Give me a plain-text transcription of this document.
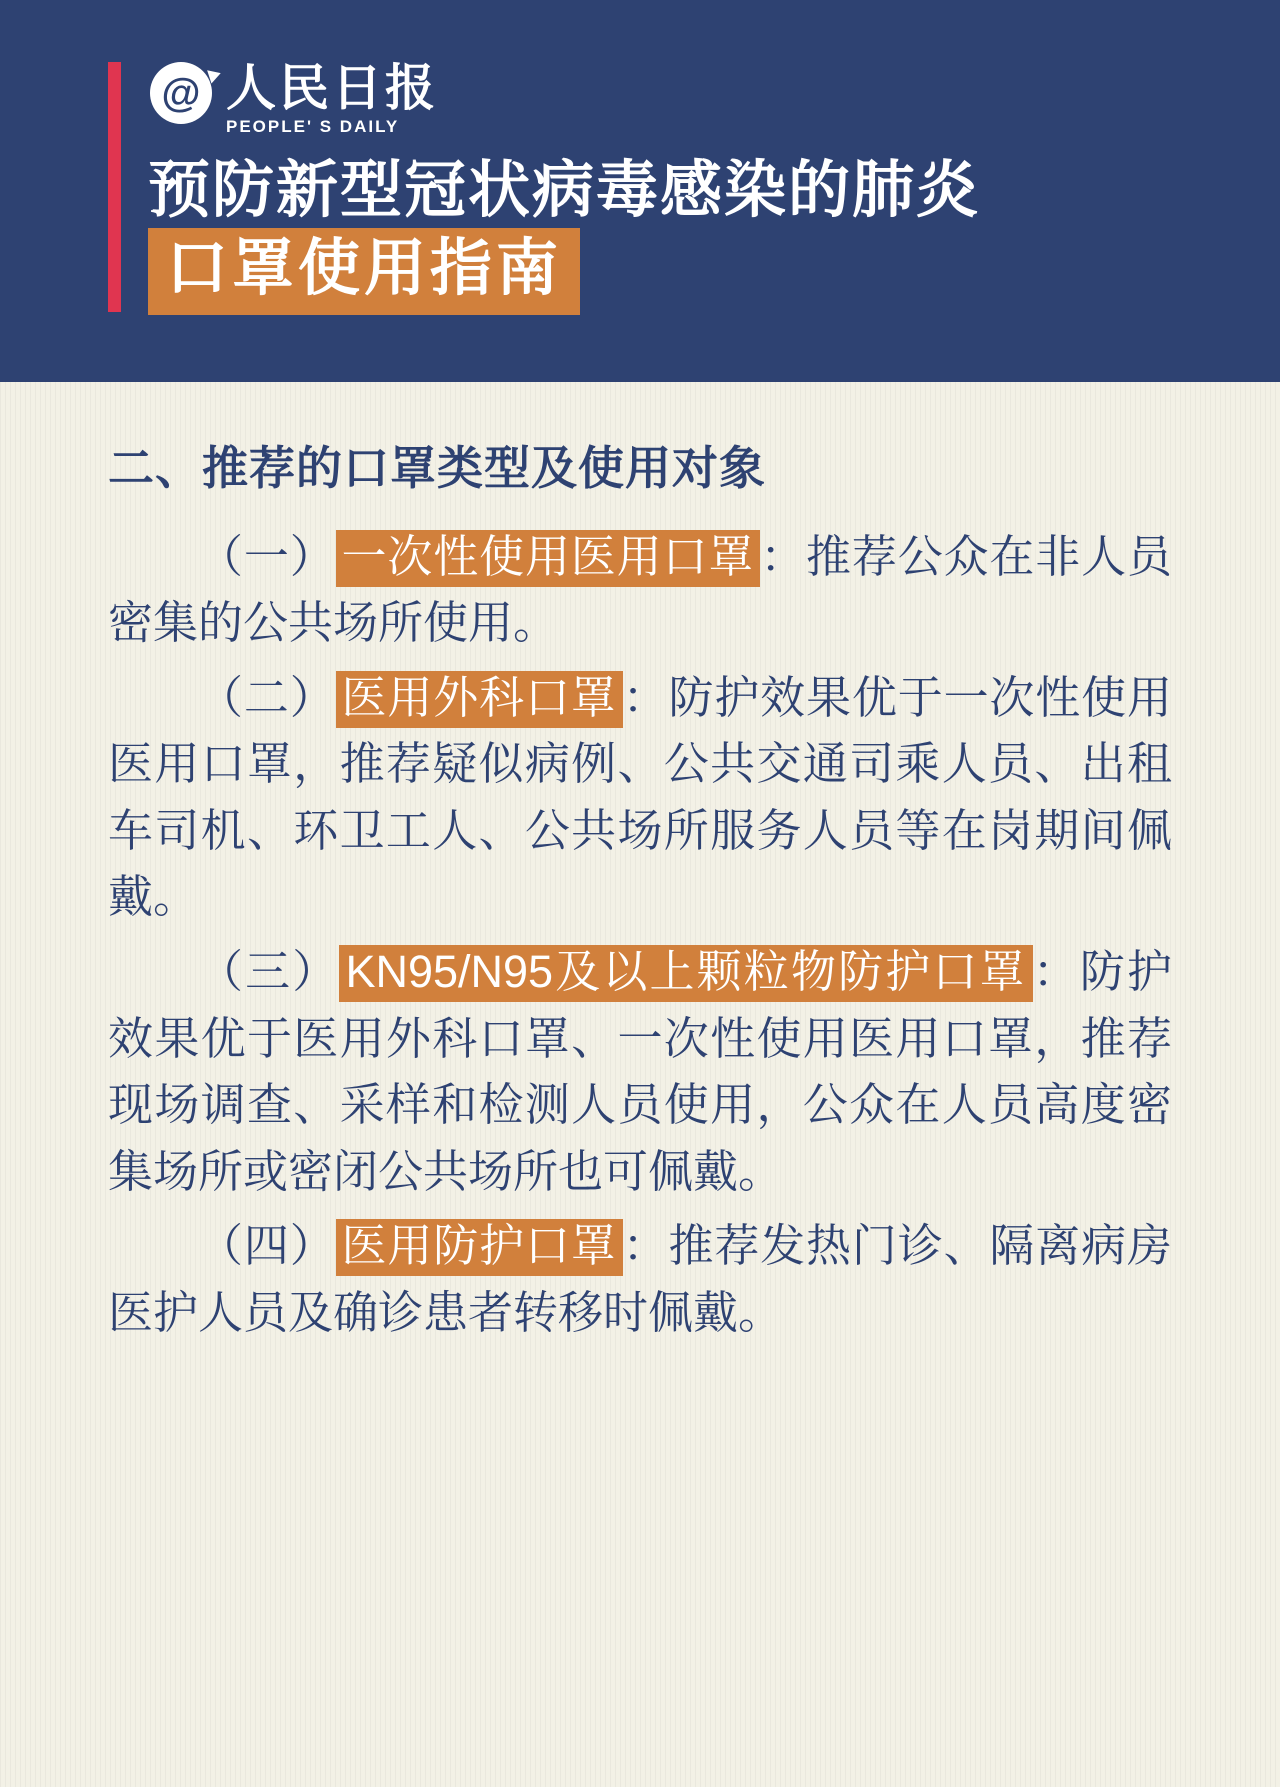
@ 人民日报
PEOPLE' S DAILY
预防新型冠状病毒感染的肺炎
口罩使用指南
二、推荐的口罩类型及使用对象

（一） 一次性使用医用口罩 ：推荐公众在非人员密集的公共场所使用。

（二） 医用外科口罩 ：防护效果优于一次性使用医用口罩，推荐疑似病例、公共交通司乘人员、出租车司机、环卫工人、公共场所服务人员等在岗期间佩戴。

（三） KN95/N95及以上颗粒物防护口罩 ：防护效果优于医用外科口罩、一次性使用医用口罩，推荐现场调查、采样和检测人员使用，公众在人员高度密集场所或密闭公共场所也可佩戴。

（四） 医用防护口罩 ：推荐发热门诊、隔离病房医护人员及确诊患者转移时佩戴。
